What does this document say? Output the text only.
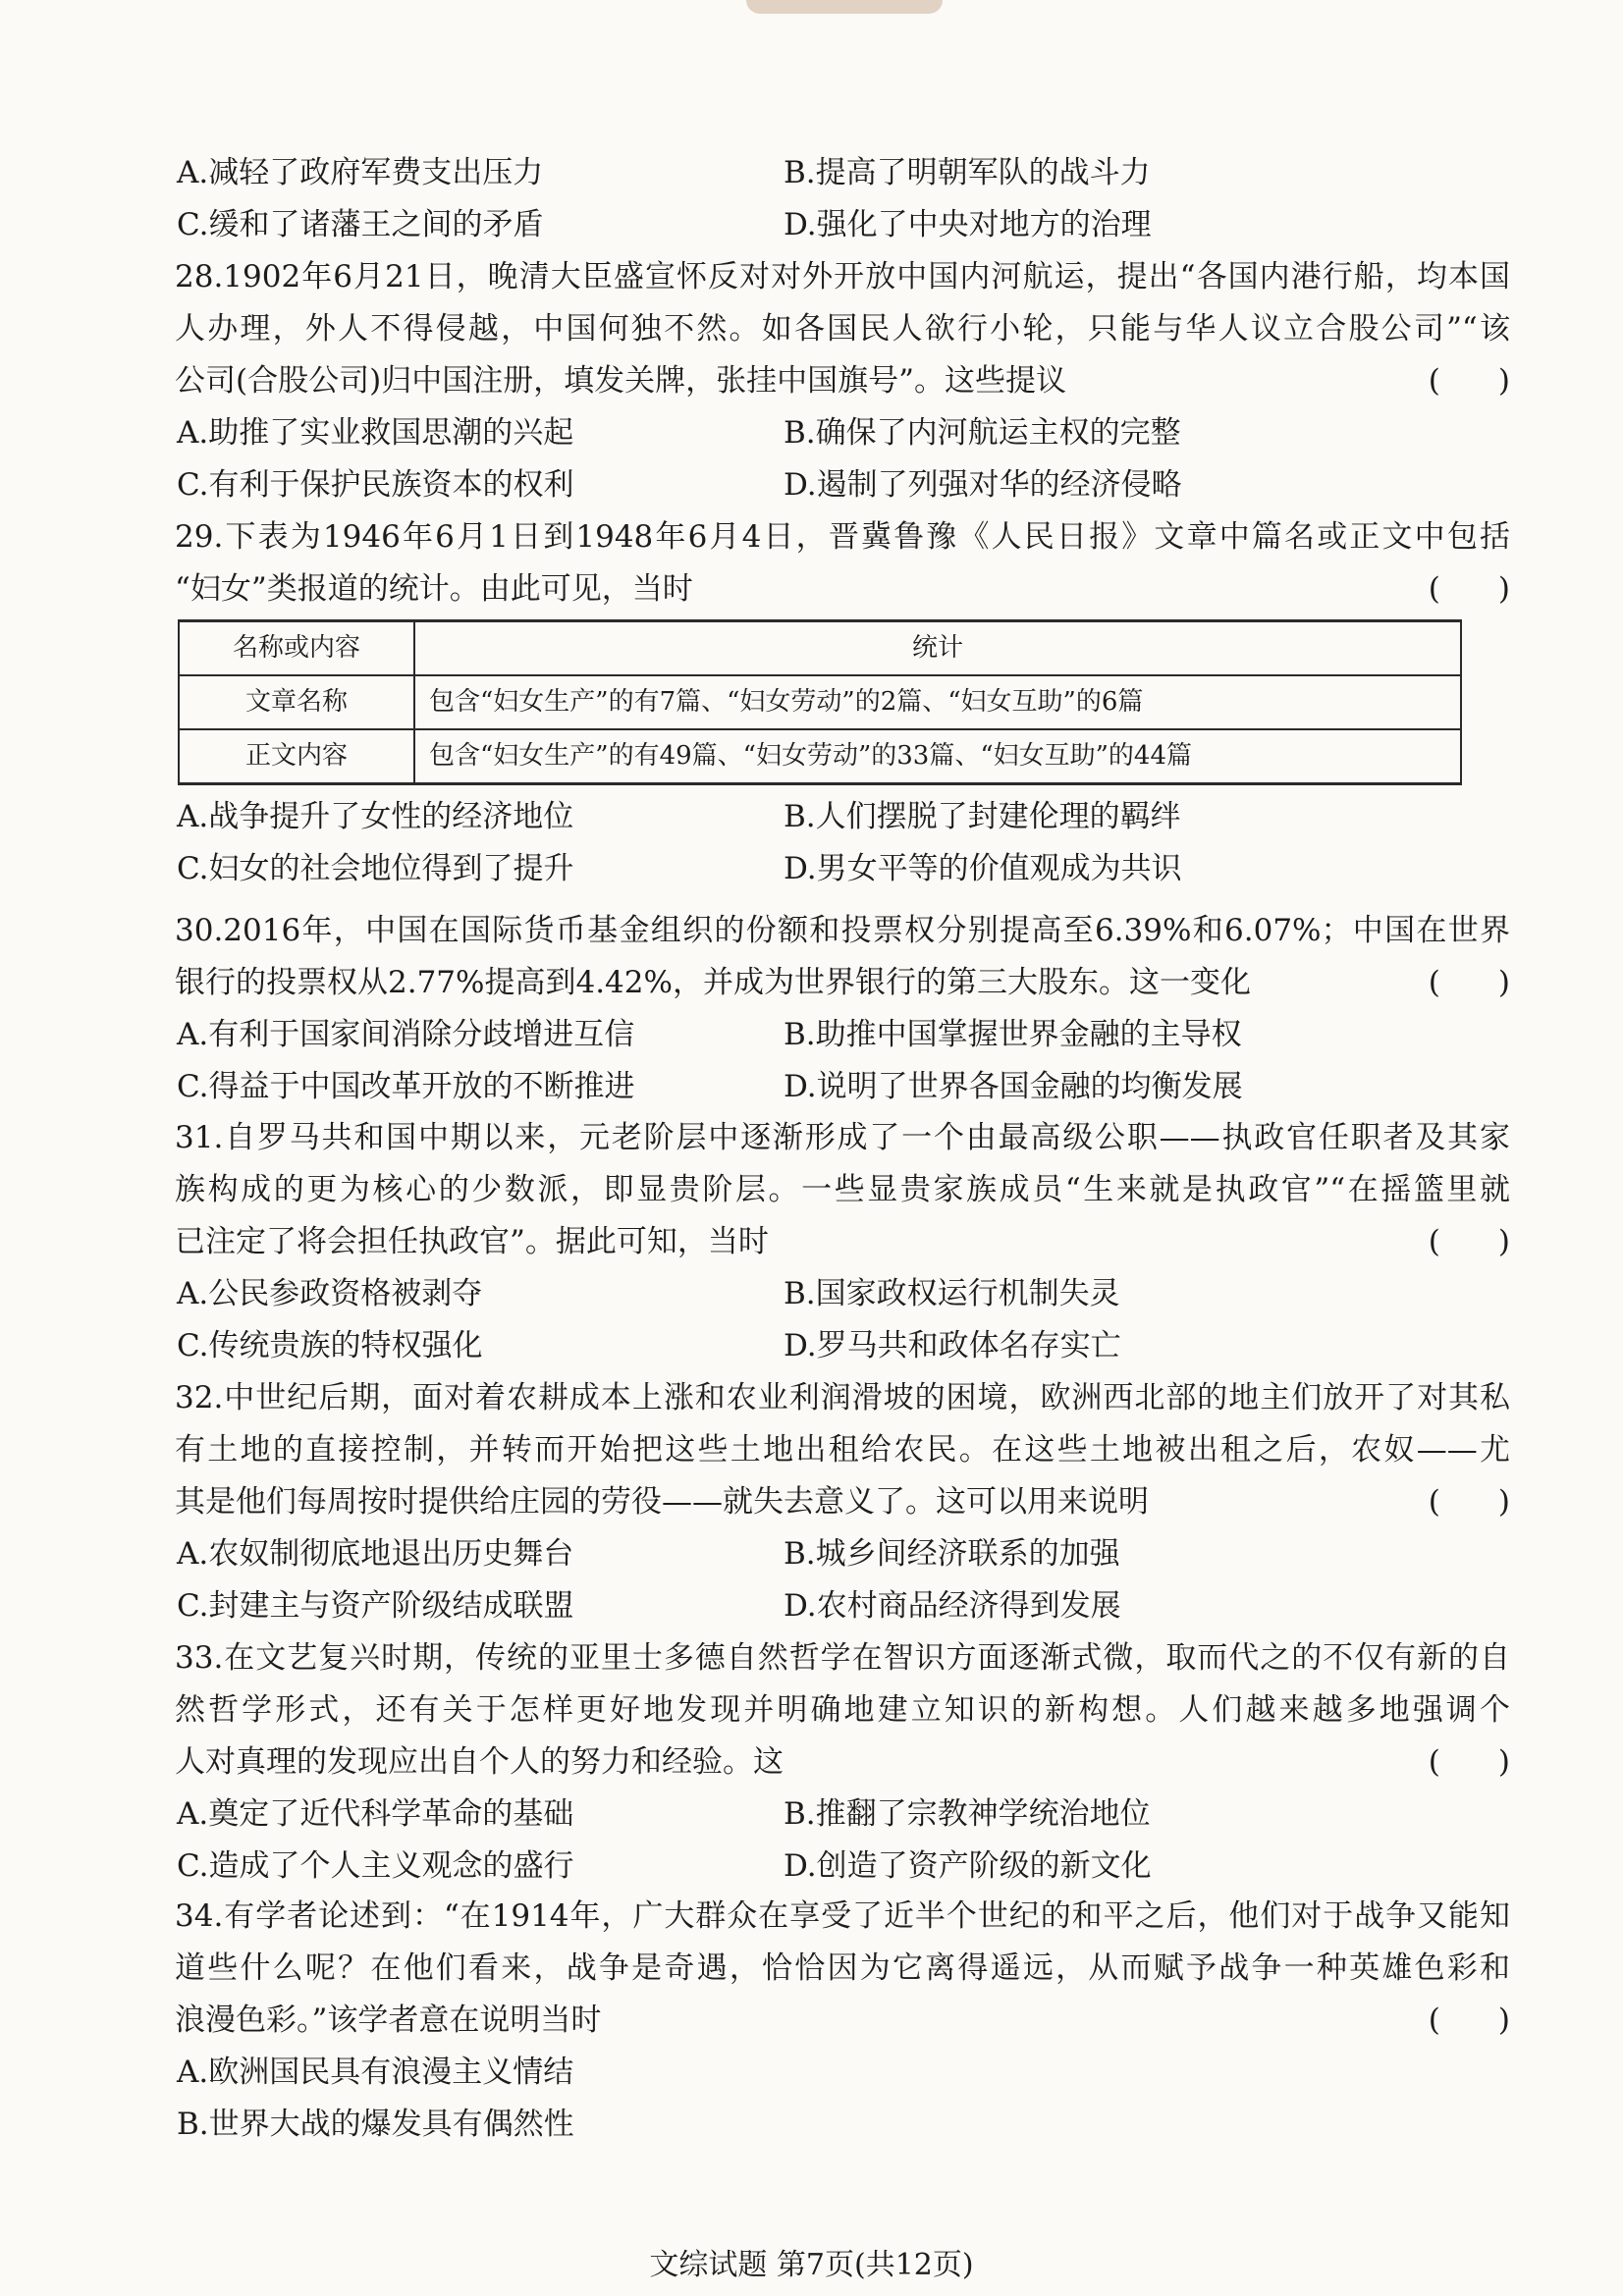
A.减轻了政府军费支出压力	B.提高了明朝军队的战斗力
C.缓和了诸藩王之间的矛盾	D.强化了中央对地方的治理
28.1902年6月21日，晚清大臣盛宣怀反对对外开放中国内河航运，提出“各国内港行船，均本国
人办理，外人不得侵越，中国何独不然。如各国民人欲行小轮，只能与华人议立合股公司”“该
公司(合股公司)归中国注册，填发关牌，张挂中国旗号”。这些提议	(      )
A.助推了实业救国思潮的兴起	B.确保了内河航运主权的完整
C.有利于保护民族资本的权利	D.遏制了列强对华的经济侵略
29.下表为1946年6月1日到1948年6月4日，晋冀鲁豫《人民日报》文章中篇名或正文中包括
“妇女”类报道的统计。由此可见，当时	(      )
名称或内容	统计
文章名称	包含“妇女生产”的有7篇、“妇女劳动”的2篇、“妇女互助”的6篇
正文内容	包含“妇女生产”的有49篇、“妇女劳动”的33篇、“妇女互助”的44篇
A.战争提升了女性的经济地位	B.人们摆脱了封建伦理的羁绊
C.妇女的社会地位得到了提升	D.男女平等的价值观成为共识
30.2016年，中国在国际货币基金组织的份额和投票权分别提高至6.39%和6.07%；中国在世界
银行的投票权从2.77%提高到4.42%，并成为世界银行的第三大股东。这一变化	(      )
A.有利于国家间消除分歧增进互信	B.助推中国掌握世界金融的主导权
C.得益于中国改革开放的不断推进	D.说明了世界各国金融的均衡发展
31.自罗马共和国中期以来，元老阶层中逐渐形成了一个由最高级公职——执政官任职者及其家
族构成的更为核心的少数派，即显贵阶层。一些显贵家族成员“生来就是执政官”“在摇篮里就
已注定了将会担任执政官”。据此可知，当时	(      )
A.公民参政资格被剥夺	B.国家政权运行机制失灵
C.传统贵族的特权强化	D.罗马共和政体名存实亡
32.中世纪后期，面对着农耕成本上涨和农业利润滑坡的困境，欧洲西北部的地主们放开了对其私
有土地的直接控制，并转而开始把这些土地出租给农民。在这些土地被出租之后，农奴——尤
其是他们每周按时提供给庄园的劳役——就失去意义了。这可以用来说明	(      )
A.农奴制彻底地退出历史舞台	B.城乡间经济联系的加强
C.封建主与资产阶级结成联盟	D.农村商品经济得到发展
33.在文艺复兴时期，传统的亚里士多德自然哲学在智识方面逐渐式微，取而代之的不仅有新的自
然哲学形式，还有关于怎样更好地发现并明确地建立知识的新构想。人们越来越多地强调个
人对真理的发现应出自个人的努力和经验。这	(      )
A.奠定了近代科学革命的基础	B.推翻了宗教神学统治地位
C.造成了个人主义观念的盛行	D.创造了资产阶级的新文化
34.有学者论述到：“在1914年，广大群众在享受了近半个世纪的和平之后，他们对于战争又能知
道些什么呢？在他们看来，战争是奇遇，恰恰因为它离得遥远，从而赋予战争一种英雄色彩和
浪漫色彩。”该学者意在说明当时	(      )
A.欧洲国民具有浪漫主义情结
B.世界大战的爆发具有偶然性
文综试题 第7页(共12页)
